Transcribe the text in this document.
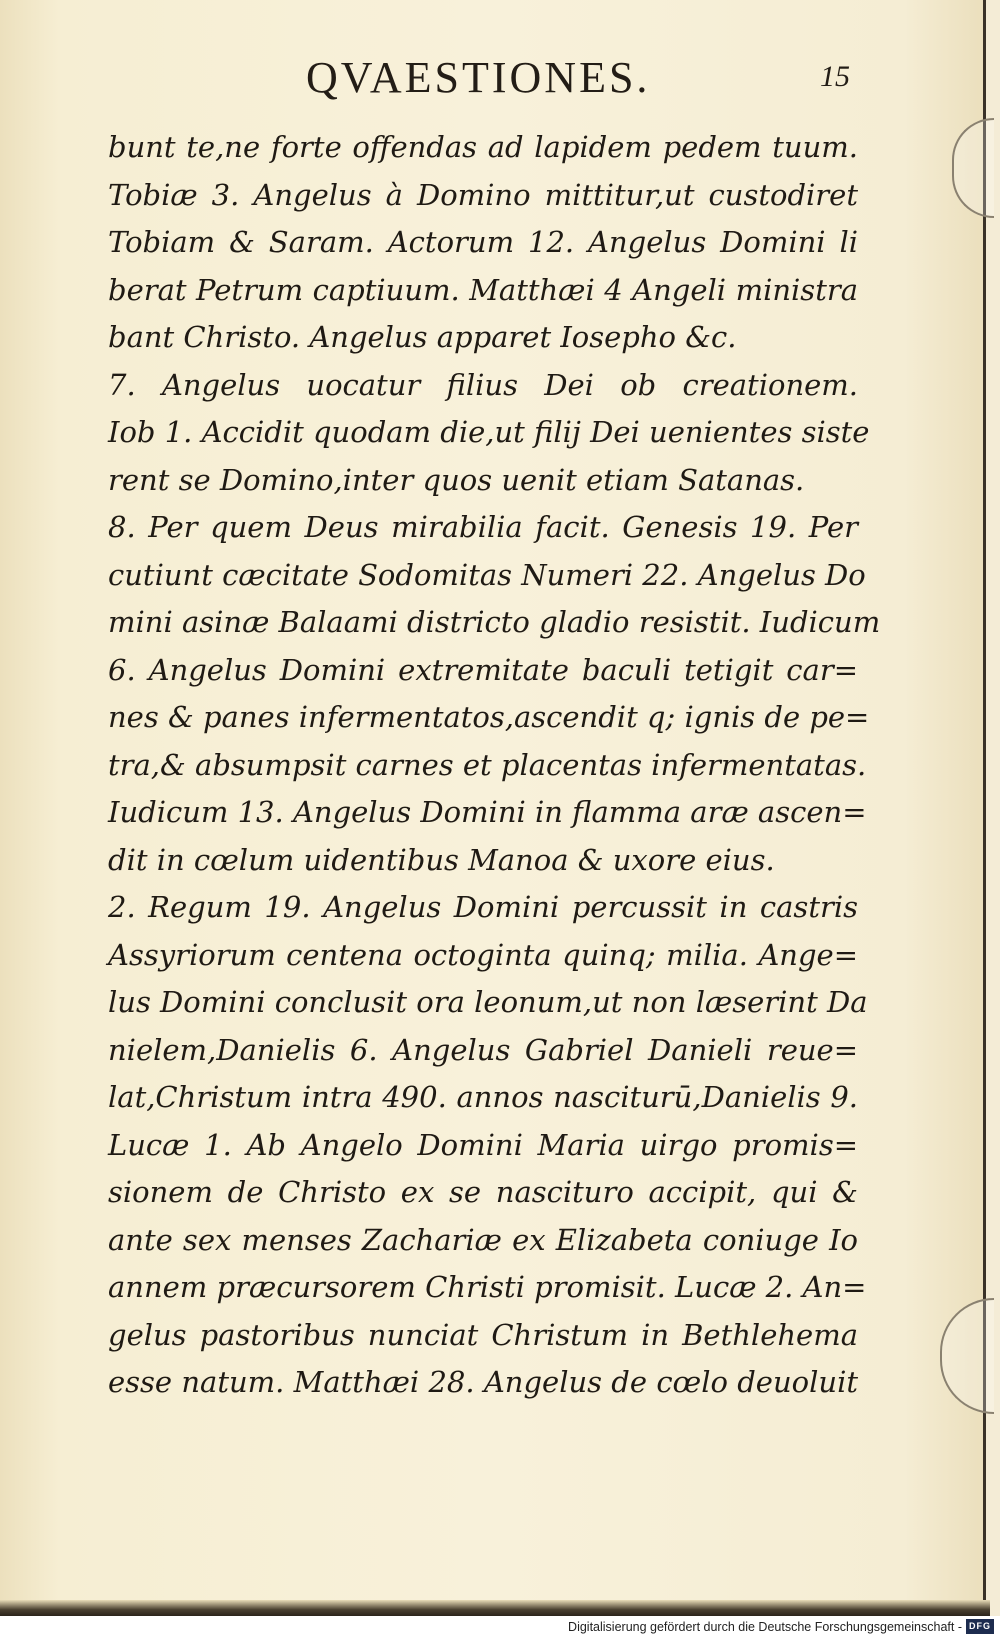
QVAESTIONES.	15
bunt te,ne forte offendas ad lapidem pedem tuum.
Tobiæ 3. Angelus à Domino mittitur,ut custodiret
Tobiam & Saram. Actorum 12. Angelus Domini li
berat Petrum captiuum. Matthæi 4 Angeli ministra
bant Christo. Angelus apparet Iosepho &c.
7. Angelus uocatur filius Dei ob creationem.
Iob 1. Accidit quodam die,ut filij Dei uenientes siste
rent se Domino,inter quos uenit etiam Satanas.
8. Per quem Deus mirabilia facit. Genesis 19. Per
cutiunt cæcitate Sodomitas Numeri 22. Angelus Do
mini asinæ Balaami districto gladio resistit. Iudicum
6. Angelus Domini extremitate baculi tetigit car=
nes & panes infermentatos,ascendit q; ignis de pe=
tra,& absumpsit carnes et placentas infermentatas.
Iudicum 13. Angelus Domini in flamma aræ ascen=
dit in cœlum uidentibus Manoa & uxore eius.
2. Regum 19. Angelus Domini percussit in castris
Assyriorum centena octoginta quinq; milia. Ange=
lus Domini conclusit ora leonum,ut non læserint Da
nielem,Danielis 6. Angelus Gabriel Danieli reue=
lat,Christum intra 490. annos nasciturū,Danielis 9.
Lucæ 1. Ab Angelo Domini Maria uirgo promis=
sionem de Christo ex se nascituro accipit, qui &
ante sex menses Zachariæ ex Elizabeta coniuge Io
annem præcursorem Christi promisit. Lucæ 2. An=
gelus pastoribus nunciat Christum in Bethlehema
esse natum. Matthæi 28. Angelus de cœlo deuoluit
Digitalisierung gefördert durch die Deutsche Forschungsgemeinschaft - DFG
